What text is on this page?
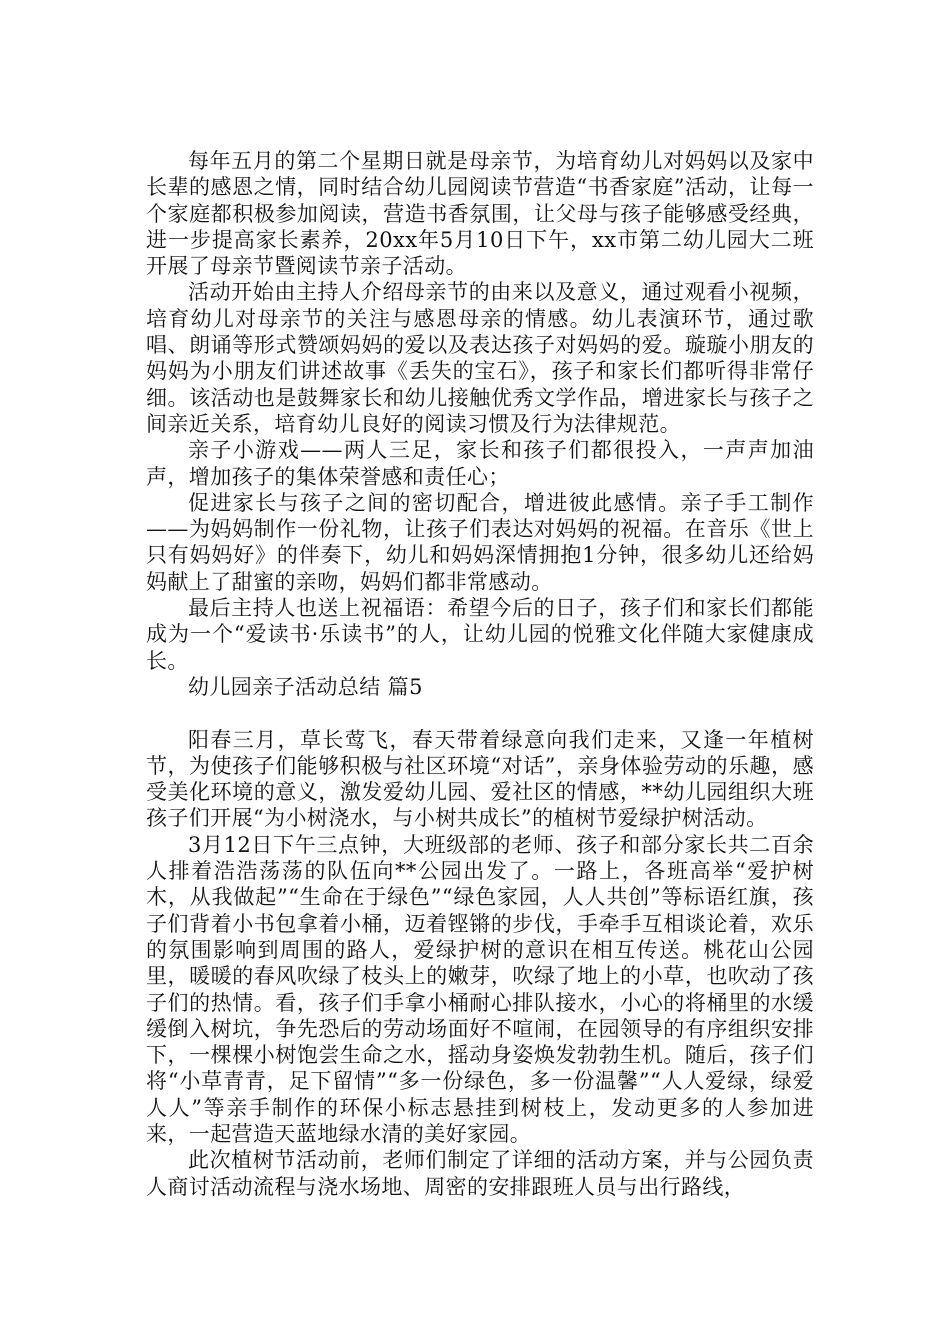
每年五月的第二个星期日就是母亲节，为培育幼儿对妈妈以及家中长辈的感恩之情，同时结合幼儿园阅读节营造“书香家庭”活动，让每一个家庭都积极参加阅读，营造书香氛围，让父母与孩子能够感受经典，进一步提高家长素养，20xx年5月10日下午，xx市第二幼儿园大二班开展了母亲节暨阅读节亲子活动。

活动开始由主持人介绍母亲节的由来以及意义，通过观看小视频，培育幼儿对母亲节的关注与感恩母亲的情感。幼儿表演环节，通过歌唱、朗诵等形式赞颂妈妈的爱以及表达孩子对妈妈的爱。璇璇小朋友的妈妈为小朋友们讲述故事《丢失的宝石》，孩子和家长们都听得非常仔细。该活动也是鼓舞家长和幼儿接触优秀文学作品，增进家长与孩子之间亲近关系，培育幼儿良好的阅读习惯及行为法律规范。

亲子小游戏——两人三足，家长和孩子们都很投入，一声声加油声，增加孩子的集体荣誉感和责任心；

促进家长与孩子之间的密切配合，增进彼此感情。亲子手工制作——为妈妈制作一份礼物，让孩子们表达对妈妈的祝福。在音乐《世上只有妈妈好》的伴奏下，幼儿和妈妈深情拥抱1分钟，很多幼儿还给妈妈献上了甜蜜的亲吻，妈妈们都非常感动。

最后主持人也送上祝福语：希望今后的日子，孩子们和家长们都能成为一个“爱读书·乐读书”的人，让幼儿园的悦雅文化伴随大家健康成长。

幼儿园亲子活动总结 篇5

阳春三月，草长莺飞，春天带着绿意向我们走来，又逢一年植树节，为使孩子们能够积极与社区环境“对话”，亲身体验劳动的乐趣，感受美化环境的意义，激发爱幼儿园、爱社区的情感，**幼儿园组织大班孩子们开展“为小树浇水，与小树共成长”的植树节爱绿护树活动。

3月12日下午三点钟，大班级部的老师、孩子和部分家长共二百余人排着浩浩荡荡的队伍向**公园出发了。一路上，各班高举“爱护树木，从我做起”“生命在于绿色”“绿色家园，人人共创”等标语红旗，孩子们背着小书包拿着小桶，迈着铿锵的步伐，手牵手互相谈论着，欢乐的氛围影响到周围的路人，爱绿护树的意识在相互传送。桃花山公园里，暖暖的春风吹绿了枝头上的嫩芽，吹绿了地上的小草，也吹动了孩子们的热情。看，孩子们手拿小桶耐心排队接水，小心的将桶里的水缓缓倒入树坑，争先恐后的劳动场面好不喧闹，在园领导的有序组织安排下，一棵棵小树饱尝生命之水，摇动身姿焕发勃勃生机。随后，孩子们将“小草青青，足下留情”“多一份绿色，多一份温馨”“人人爱绿，绿爱人人”等亲手制作的环保小标志悬挂到树枝上，发动更多的人参加进来，一起营造天蓝地绿水清的美好家园。

此次植树节活动前，老师们制定了详细的活动方案，并与公园负责人商讨活动流程与浇水场地、周密的安排跟班人员与出行路线，
